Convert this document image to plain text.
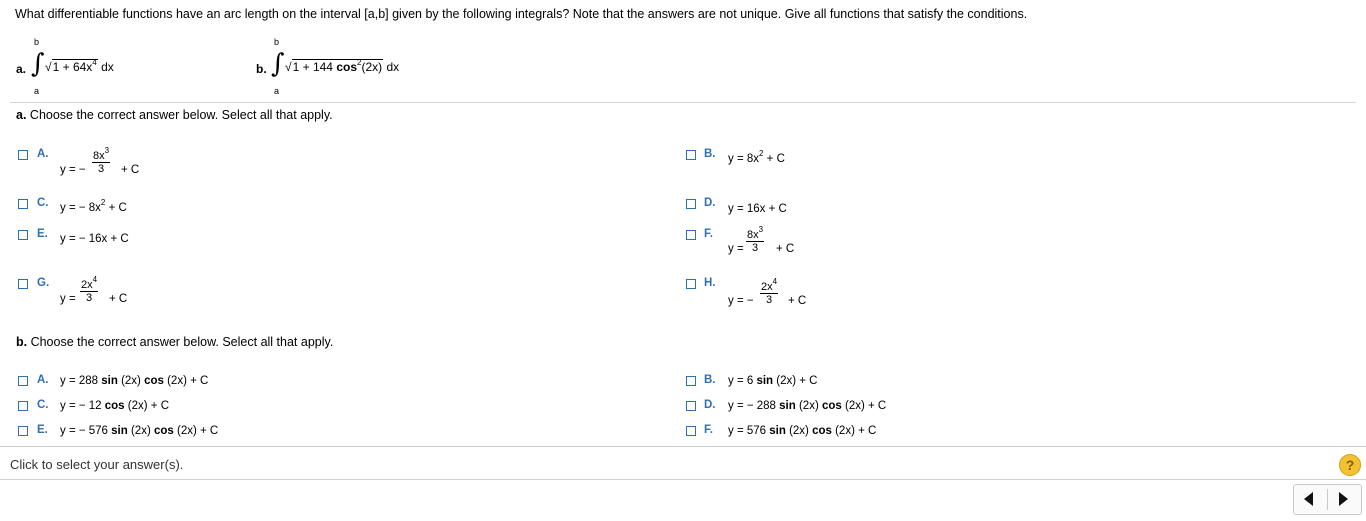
What differentiable functions have an arc length on the interval [a,b] given by the following integrals? Note that the answers are not unique. Give all functions that satisfy the conditions.
a.
b
∫
a
$√1 + 64x^4$ dx	b.
b
∫
a
√1 + 144 $\cos^2(2x)$ dx
a. Choose the correct answer below. Select all that apply.
A.
y = − $\frac{8x^3}{3} + C$
B. $y = 8x^2 + C$
C. y = − $8x^2 + C$	D. y = 16x + C
E. y = − 16x + C	F.
$y = \frac{8x^3}{3} + C$
G.
$y = \frac{2x^4}{3} + C$
H.
y = − $\frac{2x^4}{3} + C$
b. Choose the correct answer below. Select all that apply.
A. y = 288 sin (2x) cos (2x) + C	B. y = 6 sin (2x) + C
C. y = − 12 cos (2x) + C	D. y = − 288 sin (2x) cos (2x) + C
E. y = − 576 sin (2x) cos (2x) + C	F. y = 576 sin (2x) cos (2x) + C
Click to select your answer(s).	?
